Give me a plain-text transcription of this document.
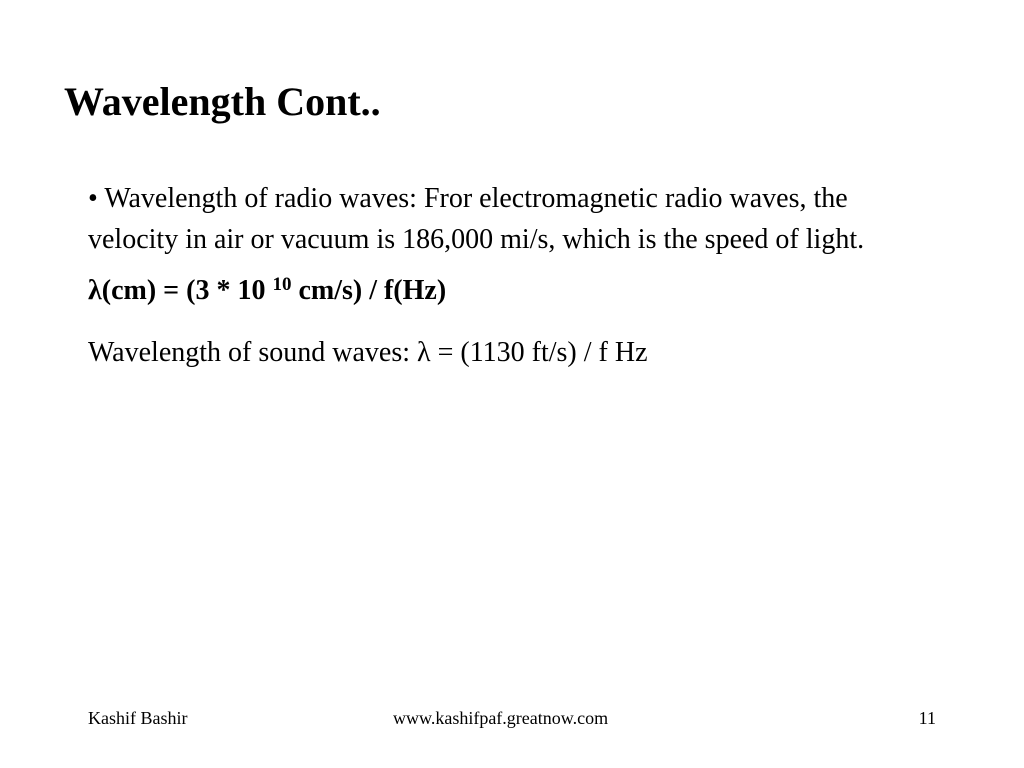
Wavelength Cont..

• Wavelength of radio waves: Fror electromagnetic radio waves, the velocity in air or vacuum is 186,000 mi/s, which is the speed of light.

λ(cm) = (3 * 10 $^{10}$ cm/s) / f(Hz)

Wavelength of sound waves: λ = (1130 ft/s) / f Hz

Kashif Bashir	www.kashifpaf.greatnow.com	11
